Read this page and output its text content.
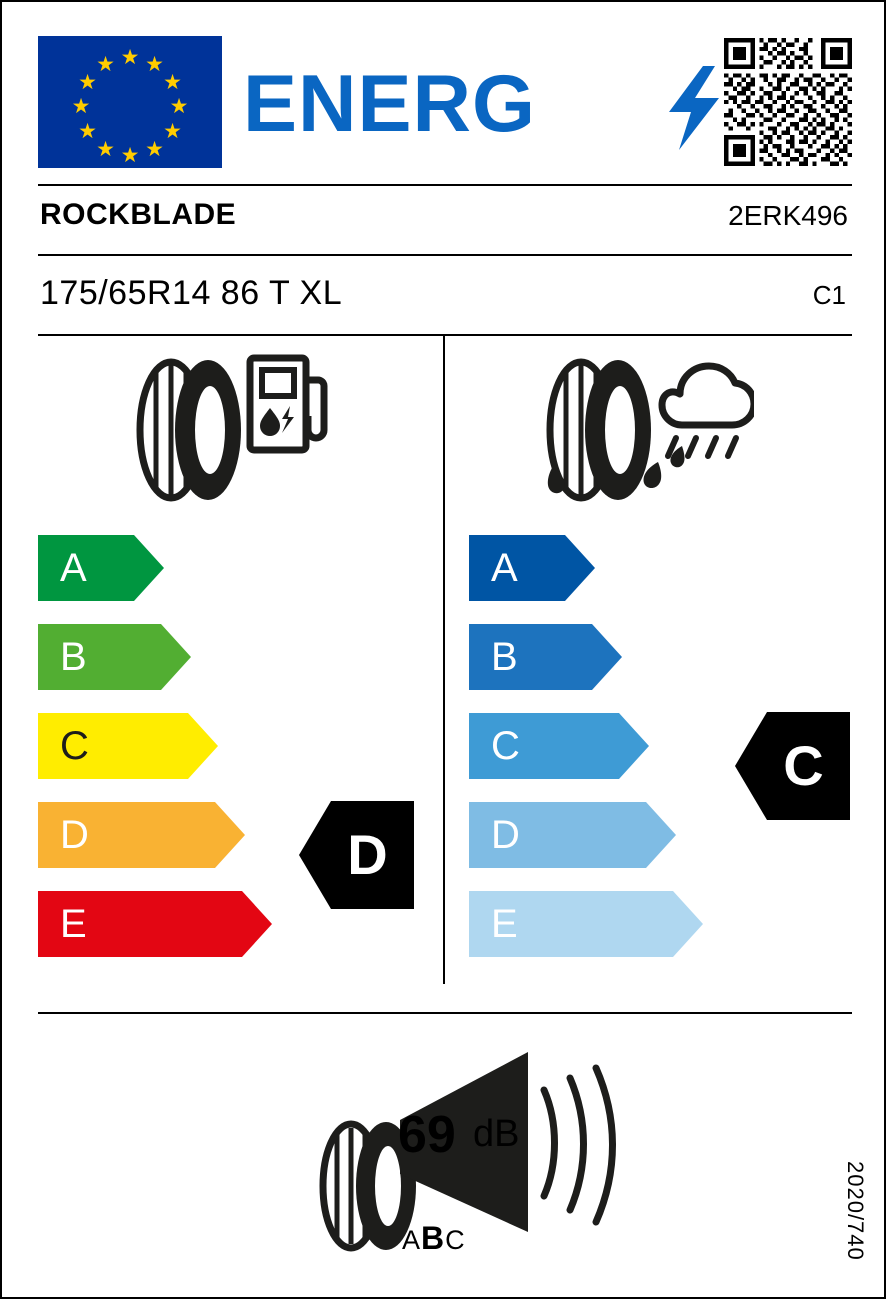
★ ★
★
★
★
★
★
★
★
★
★
★ ENERG
ROCKBLADE	2ERK496
175/65R14 86 T XL	C1
A
B
C
D
E
D
A
B
C
D
E
C
69 dB
ABC	2020/740
